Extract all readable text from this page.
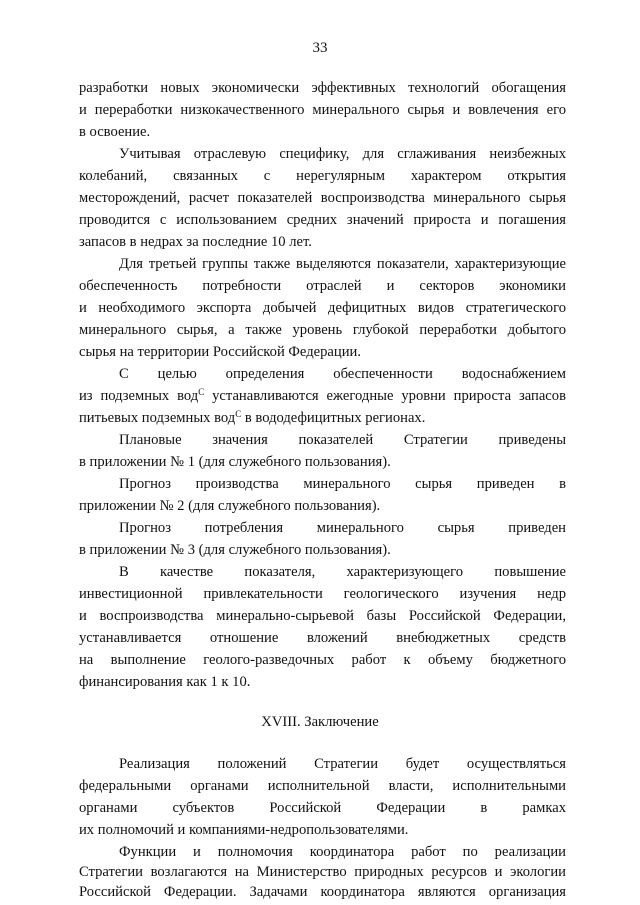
33
разработки новых экономически эффективных технологий обогащения
и переработки низкокачественного минерального сырья и вовлечения его
в освоение.
Учитывая отраслевую специфику, для сглаживания неизбежных
колебаний, связанных с нерегулярным характером открытия
месторождений, расчет показателей воспроизводства минерального сырья
проводится с использованием средних значений прироста и погашения
запасов в недрах за последние 10 лет.
Для третьей группы также выделяются показатели, характеризующие
обеспеченность потребности отраслей и секторов экономики
и необходимого экспорта добычей дефицитных видов стратегического
минерального сырья, а также уровень глубокой переработки добытого
сырья на территории Российской Федерации.
С целью определения обеспеченности водоснабжением
из подземных вод$^C$ устанавливаются ежегодные уровни прироста запасов
питьевых подземных вод$^C$ в вододефицитных регионах.
Плановые значения показателей Стратегии приведены
в приложении № 1 (для служебного пользования).
Прогноз производства минерального сырья приведен в
приложении № 2 (для служебного пользования).
Прогноз потребления минерального сырья приведен
в приложении № 3 (для служебного пользования).
В качестве показателя, характеризующего повышение
инвестиционной привлекательности геологического изучения недр
и воспроизводства минерально-сырьевой базы Российской Федерации,
устанавливается отношение вложений внебюджетных средств
на выполнение геолого-разведочных работ к объему бюджетного
финансирования как 1 к 10.
XVIII. Заключение
Реализация положений Стратегии будет осуществляться
федеральными органами исполнительной власти, исполнительными
органами субъектов Российской Федерации в рамках
их полномочий и компаниями-недропользователями.
Функции и полномочия координатора работ по реализации
Стратегии возлагаются на Министерство природных ресурсов и экологии
Российской Федерации. Задачами координатора являются организация
